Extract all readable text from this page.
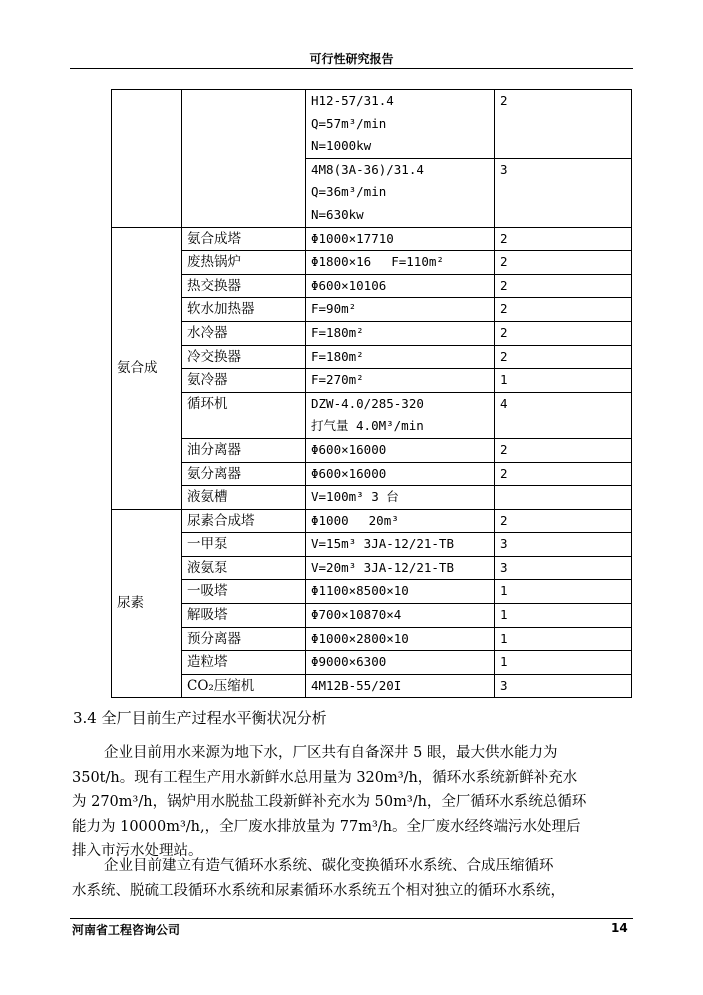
可行性研究报告

		H12-57/31.4
Q=57m³/min
N=1000kw	2

		4M8(3A-36)/31.4
Q=36m³/min
N=630kw	3
氨合成	氨合成塔	Φ1000×17710	2
	废热锅炉	Φ1800×16　 F=110m²	2
	热交换器	Φ600×10106	2
	软水加热器	F=90m²	2
	水冷器	F=180m²	2
	冷交换器	F=180m²	2
	氨冷器	F=270m²	1
	循环机	DZW-4.0/285-320
打气量 4.0M³/min	4
	油分离器	Φ600×16000	2
	氨分离器	Φ600×16000	2
	液氨槽	V=100m³ 3 台	

尿素	尿素合成塔	Φ1000　 20m³	2
	一甲泵	V=15m³ 3JA-12/21-TB	3
	液氨泵	V=20m³ 3JA-12/21-TB	3
	一吸塔	Φ1100×8500×10	1
	解吸塔	Φ700×10870×4	1
	预分离器	Φ1000×2800×10	1
	造粒塔	Φ9000×6300	1
	CO₂压缩机	4M12B-55/20I	3
3.4 全厂目前生产过程水平衡状况分析
企业目前用水来源为地下水，厂区共有自备深井 5 眼，最大供水能力为
350t/h。现有工程生产用水新鲜水总用量为 320m³/h，循环水系统新鲜补充水
为 270m³/h，锅炉用水脱盐工段新鲜补充水为 50m³/h，全厂循环水系统总循环
能力为 10000m³/h,，全厂废水排放量为 77m³/h。全厂废水经终端污水处理后
排入市污水处理站。
企业目前建立有造气循环水系统、碳化变换循环水系统、合成压缩循环
水系统、脱硫工段循环水系统和尿素循环水系统五个相对独立的循环水系统，
河南省工程咨询公司	14
